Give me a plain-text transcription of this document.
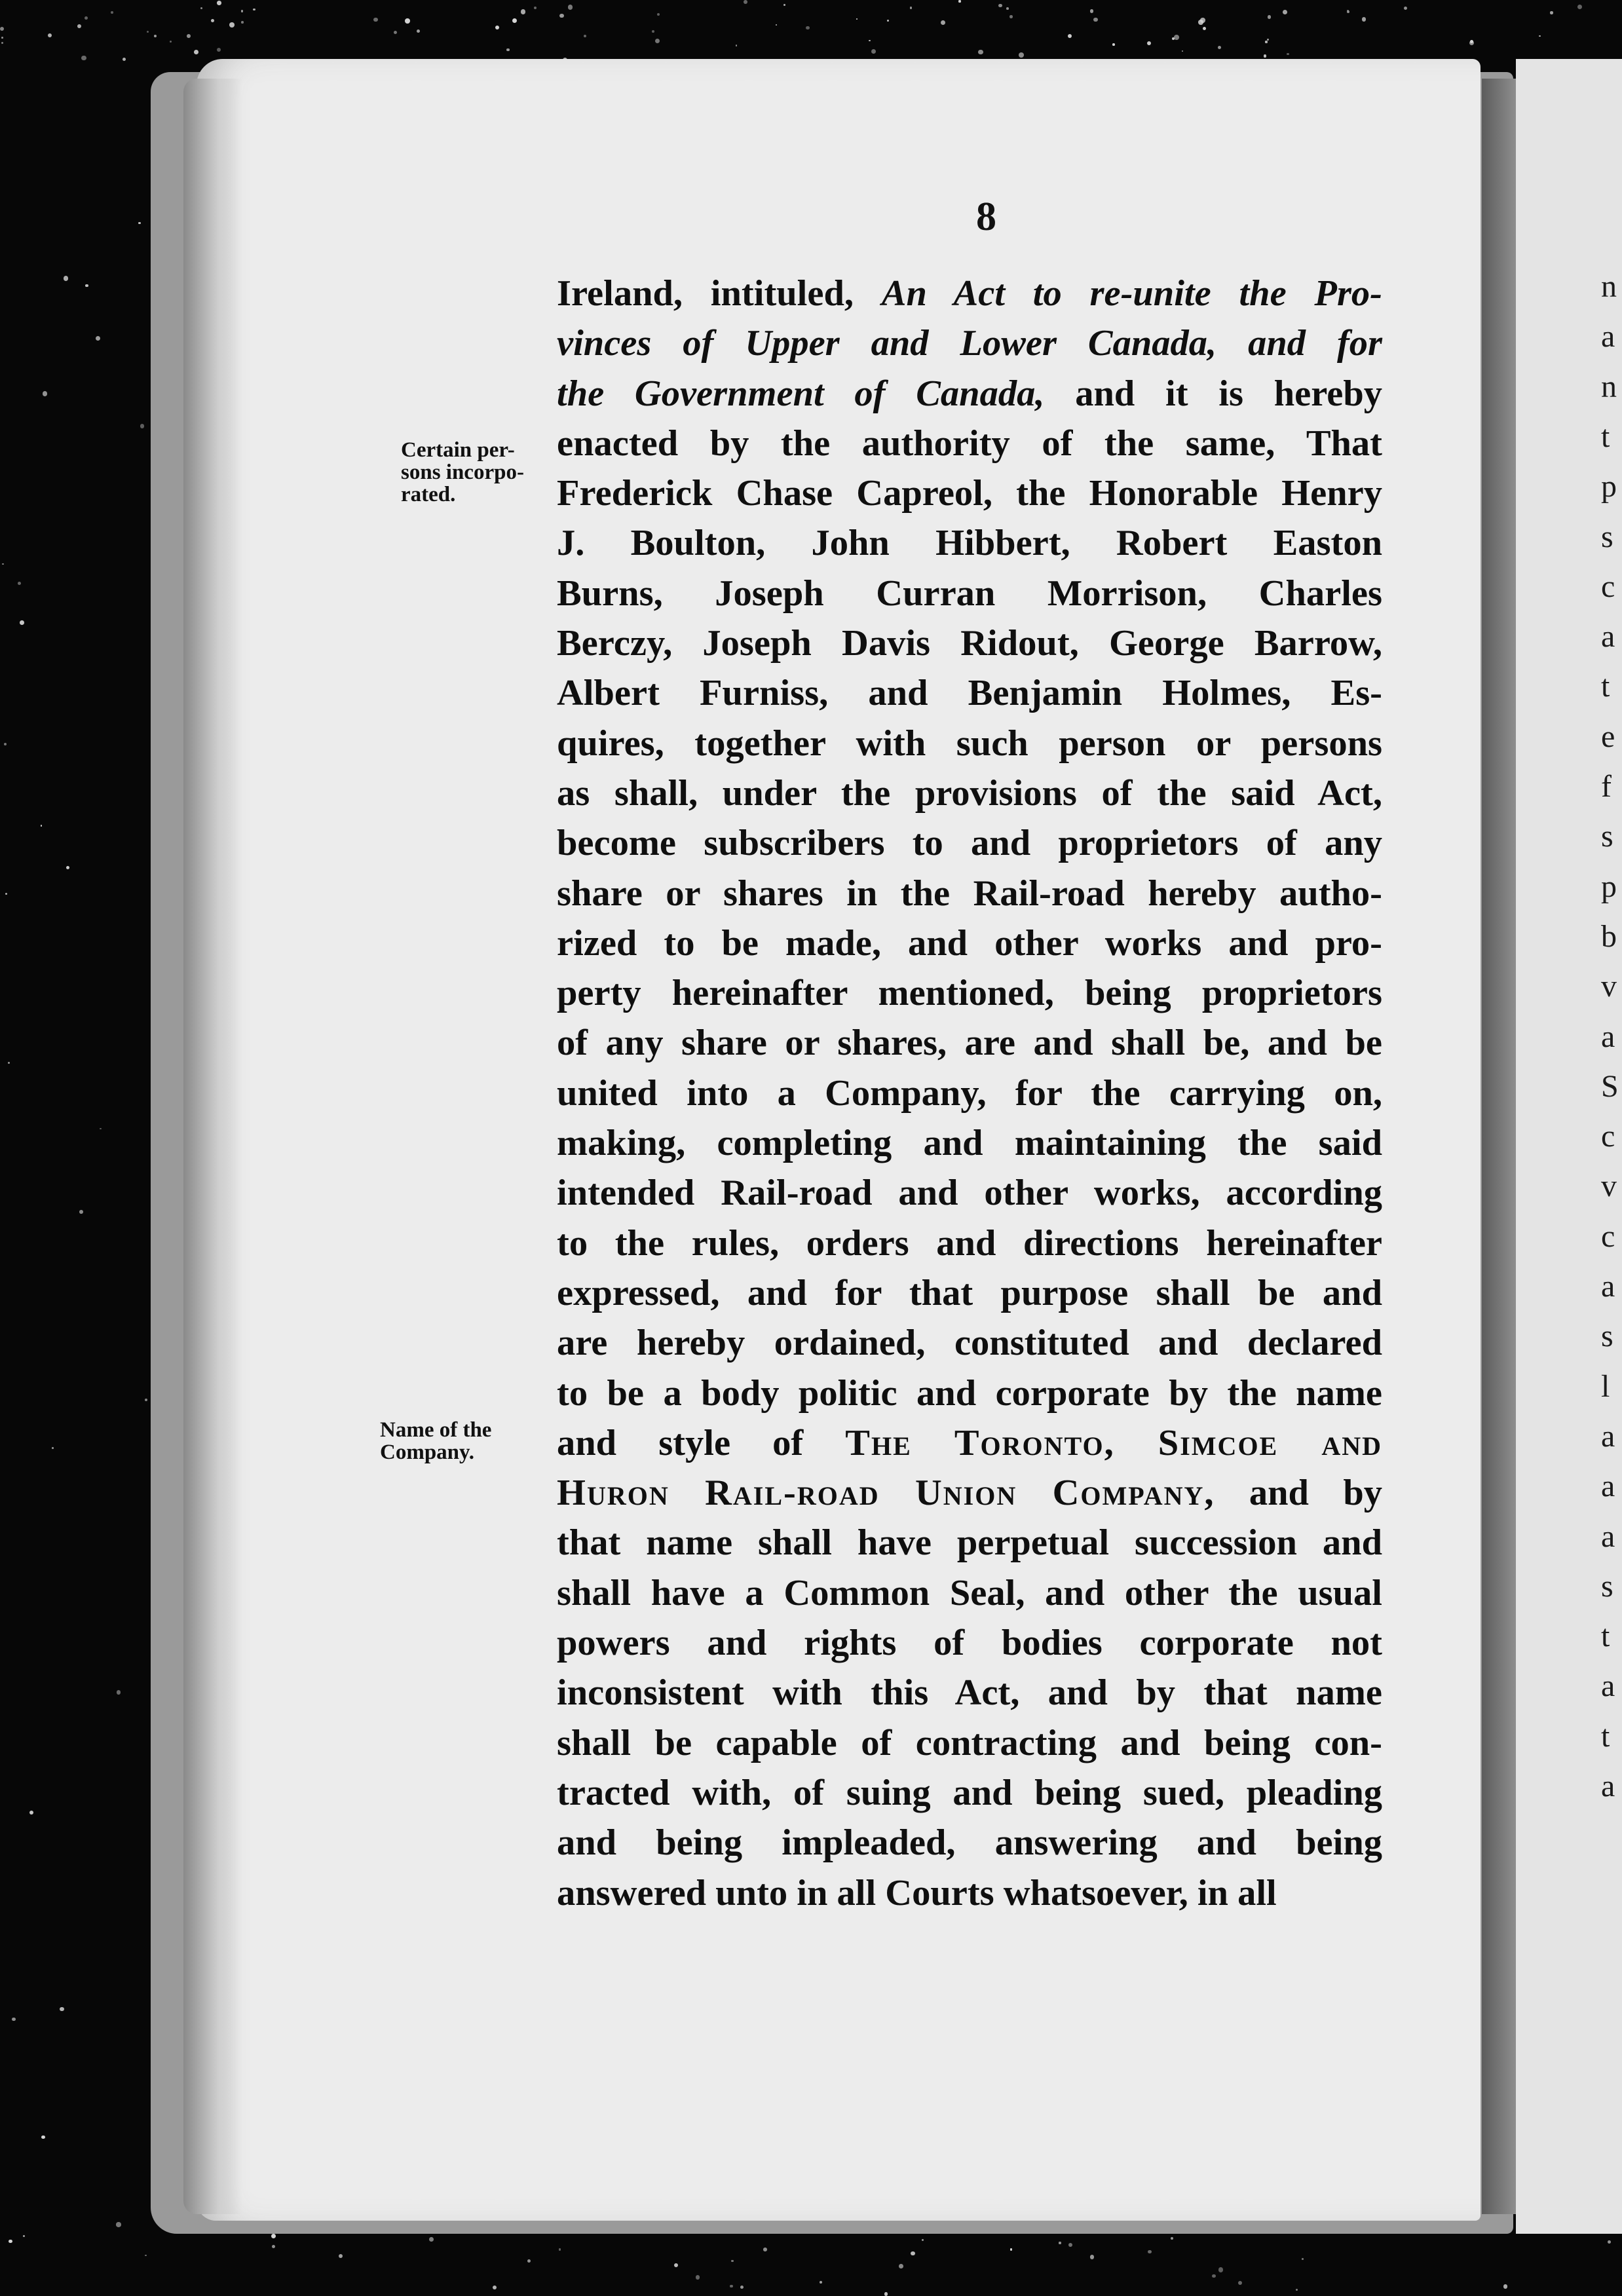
n
a
n
t
p
s
c
a
t
e
f
s
p
b
v
a
S
c
v
c
a
s
l
a
a
a
s
t
a
t
a
8
Certain per-
sons incorpo-
rated.
Name of the
Company.
Ireland, intituled, An Act to re-unite the Pro-
vinces of Upper and Lower Canada, and for
the Government of Canada, and it is hereby
enacted by the authority of the same, That
Frederick Chase Capreol, the Honorable Henry
J. Boulton, John Hibbert, Robert Easton
Burns, Joseph Curran Morrison, Charles
Berczy, Joseph Davis Ridout, George Barrow,
Albert Furniss, and Benjamin Holmes, Es-
quires, together with such person or persons
as shall, under the provisions of the said Act,
become subscribers to and proprietors of any
share or shares in the Rail-road hereby autho-
rized to be made, and other works and pro-
perty hereinafter mentioned, being proprietors
of any share or shares, are and shall be, and be
united into a Company, for the carrying on,
making, completing and maintaining the said
intended Rail-road and other works, according
to the rules, orders and directions hereinafter
expressed, and for that purpose shall be and
are hereby ordained, constituted and declared
to be a body politic and corporate by the name
and style of The Toronto, Simcoe and
Huron Rail-road Union Company, and by
that name shall have perpetual succession and
shall have a Common Seal, and other the usual
powers and rights of bodies corporate not
inconsistent with this Act, and by that name
shall be capable of contracting and being con-
tracted with, of suing and being sued, pleading
and being impleaded, answering and being
answered unto in all Courts whatsoever, in all
